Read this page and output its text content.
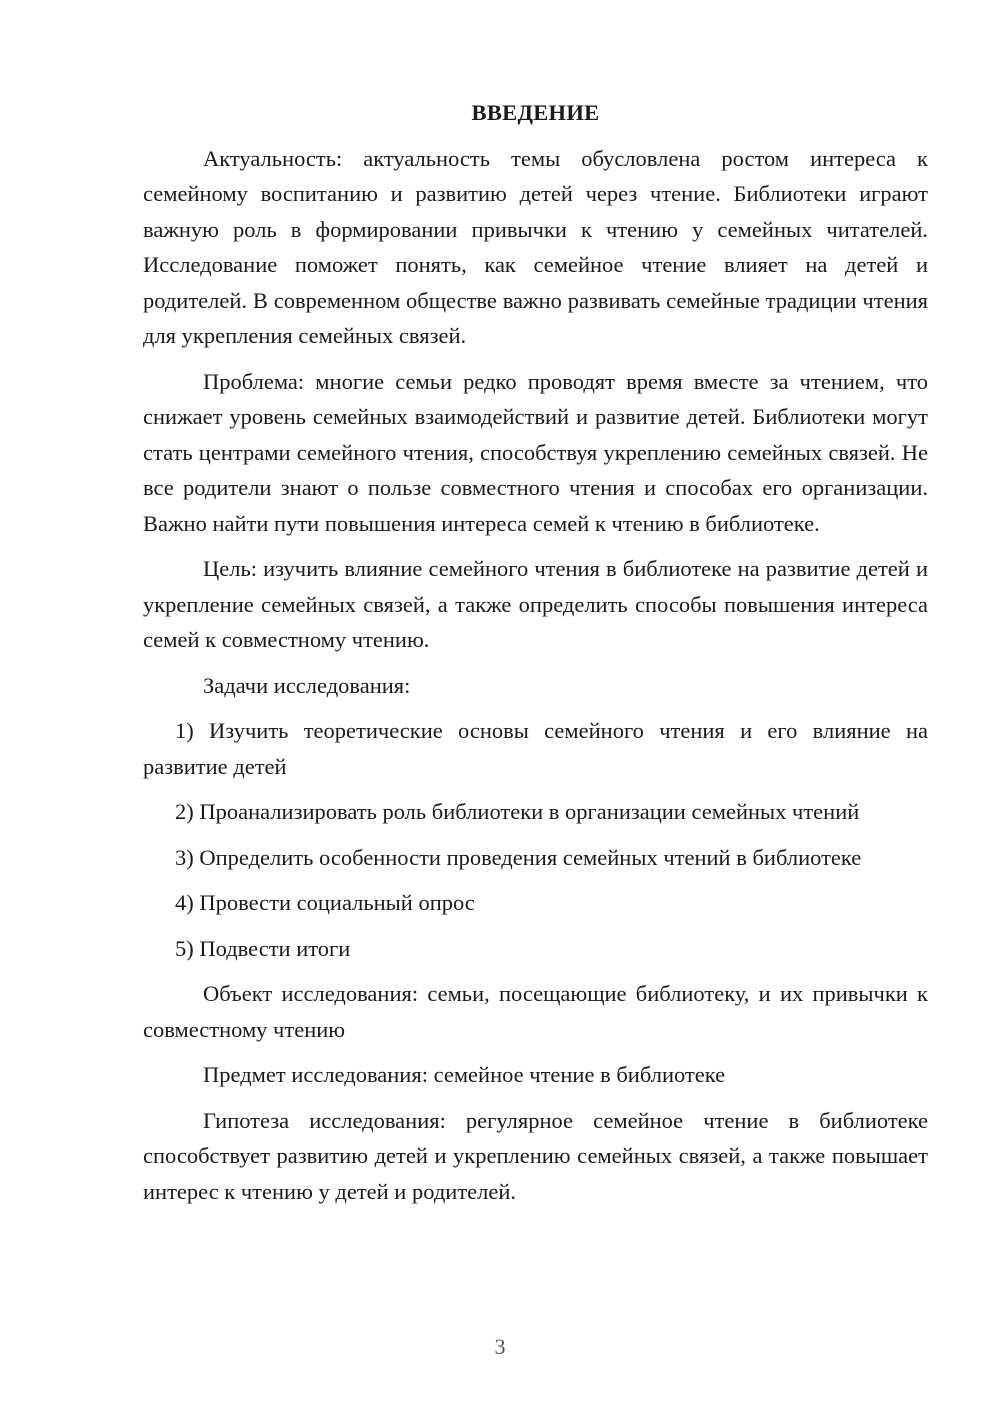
ВВЕДЕНИЕ

Актуальность: актуальность темы обусловлена ростом интереса к семейному воспитанию и развитию детей через чтение. Библиотеки играют важную роль в формировании привычки к чтению у семейных читателей. Исследование поможет понять, как семейное чтение влияет на детей и родителей. В современном обществе важно развивать семейные традиции чтения для укрепления семейных связей.

Проблема: многие семьи редко проводят время вместе за чтением, что снижает уровень семейных взаимодействий и развитие детей. Библиотеки могут стать центрами семейного чтения, способствуя укреплению семейных связей. Не все родители знают о пользе совместного чтения и способах его организации. Важно найти пути повышения интереса семей к чтению в библиотеке.

Цель: изучить влияние семейного чтения в библиотеке на развитие детей и укрепление семейных связей, а также определить способы повышения интереса семей к совместному чтению.

Задачи исследования:

1) Изучить теоретические основы семейного чтения и его влияние на развитие детей

2) Проанализировать роль библиотеки в организации семейных чтений

3) Определить особенности проведения семейных чтений в библиотеке

4) Провести социальный опрос

5) Подвести итоги

Объект исследования: семьи, посещающие библиотеку, и их привычки к совместному чтению

Предмет исследования: семейное чтение в библиотеке

Гипотеза исследования: регулярное семейное чтение в библиотеке способствует развитию детей и укреплению семейных связей, а также повышает интерес к чтению у детей и родителей.

3
